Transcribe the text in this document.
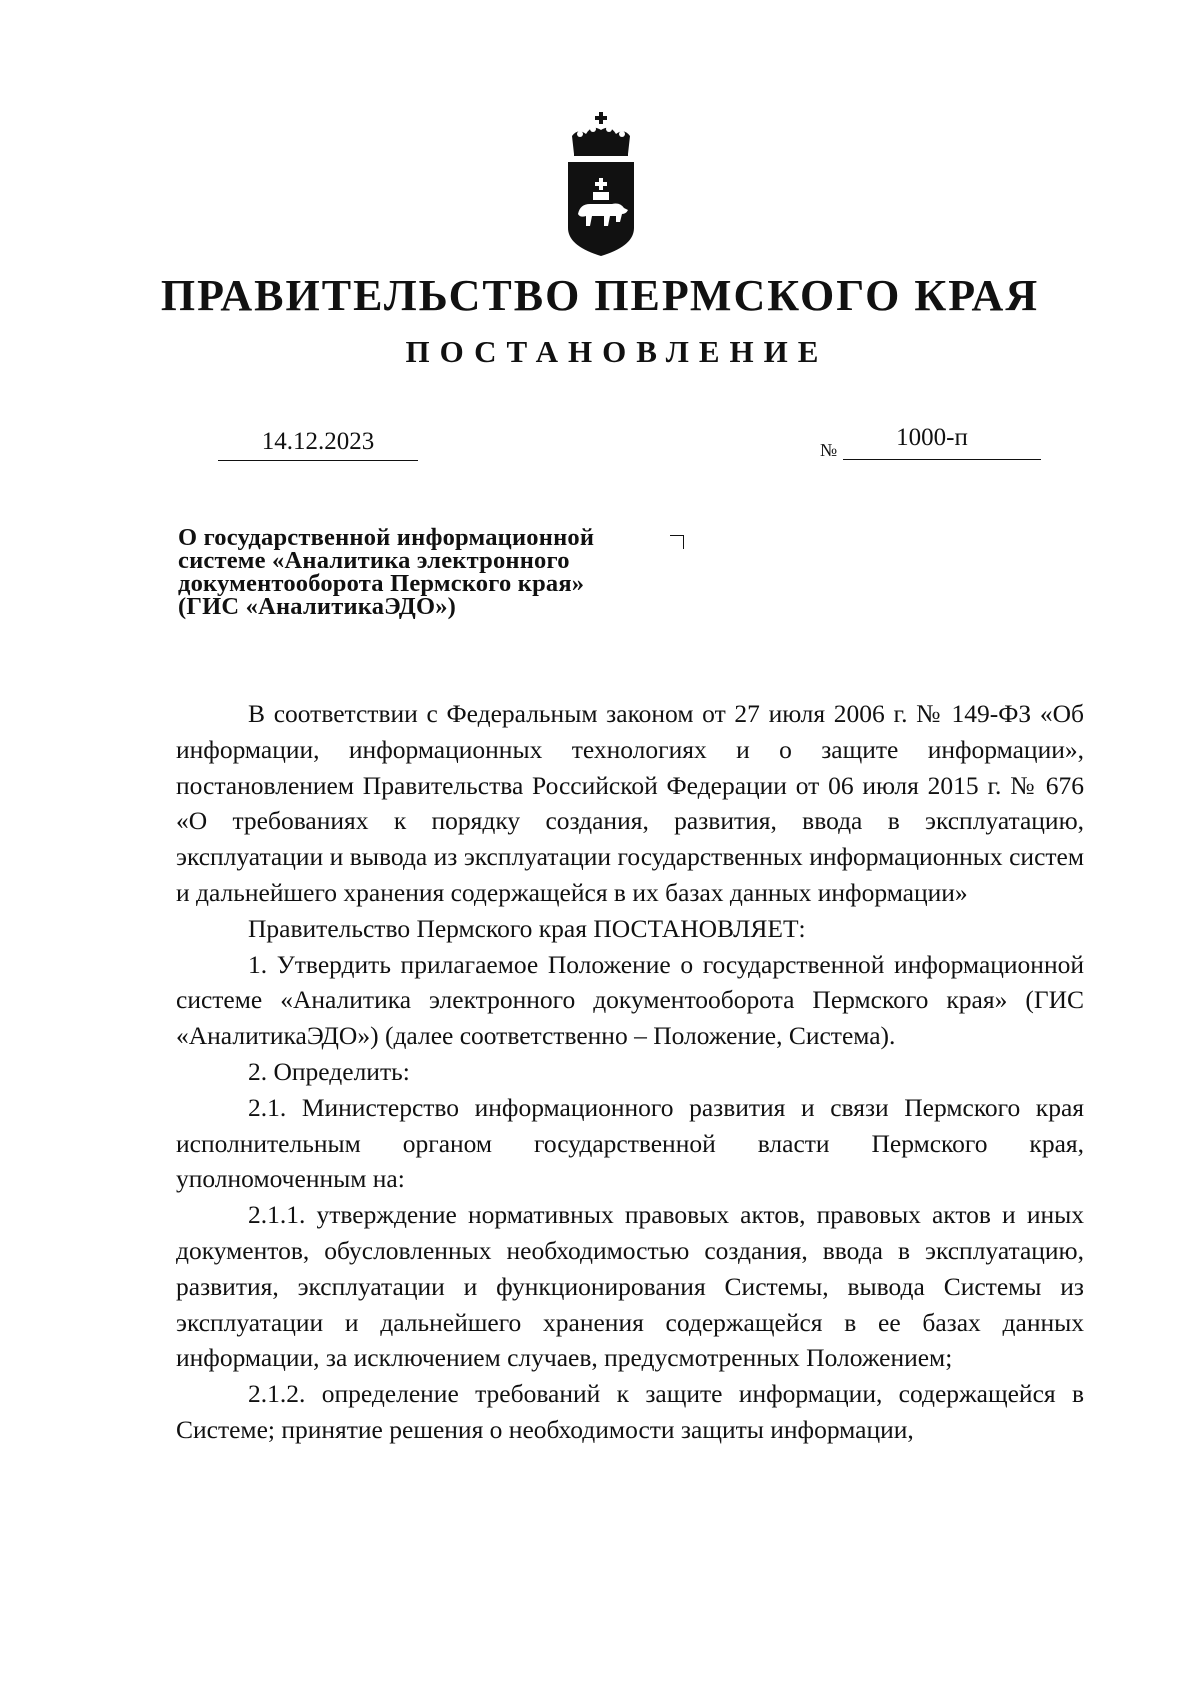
ПРАВИТЕЛЬСТВО ПЕРМСКОГО КРАЯ
ПОСТАНОВЛЕНИЕ
14.12.2023	№	1000-п
О государственной информационной
системе «Аналитика электронного
документооборота Пермского края»
(ГИС «АналитикаЭДО»)

В соответствии с Федеральным законом от 27 июля 2006 г. № 149-ФЗ «Об информации, информационных технологиях и о защите информации», постановлением Правительства Российской Федерации от 06 июля 2015 г. № 676 «О требованиях к порядку создания, развития, ввода в эксплуатацию, эксплуатации и вывода из эксплуатации государственных информационных систем и дальнейшего хранения содержащейся в их базах данных информации»

Правительство Пермского края ПОСТАНОВЛЯЕТ:

1. Утвердить прилагаемое Положение о государственной информационной системе «Аналитика электронного документооборота Пермского края» (ГИС «АналитикаЭДО») (далее соответственно – Положение, Система).

2. Определить:

2.1. Министерство информационного развития и связи Пермского края исполнительным органом государственной власти Пермского края, уполномоченным на:

2.1.1. утверждение нормативных правовых актов, правовых актов и иных документов, обусловленных необходимостью создания, ввода в эксплуатацию, развития, эксплуатации и функционирования Системы, вывода Системы из эксплуатации и дальнейшего хранения содержащейся в ее базах данных информации, за исключением случаев, предусмотренных Положением;

2.1.2. определение требований к защите информации, содержащейся в Системе; принятие решения о необходимости защиты информации,
